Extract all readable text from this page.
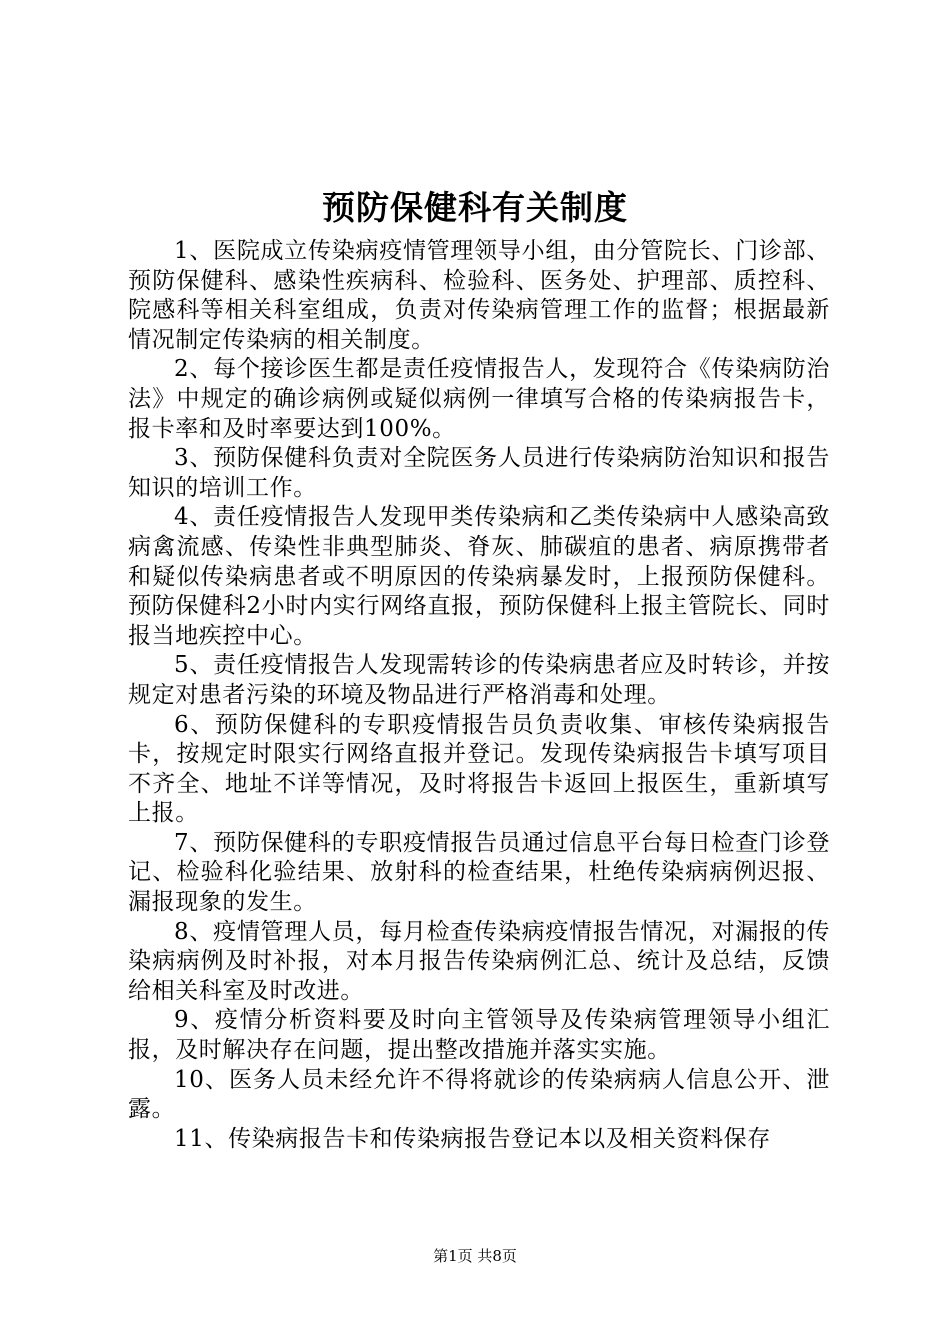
预防保健科有关制度

1、医院成立传染病疫情管理领导小组，由分管院长、门诊部、预防保健科、感染性疾病科、检验科、医务处、护理部、质控科、院感科等相关科室组成，负责对传染病管理工作的监督；根据最新情况制定传染病的相关制度。

2、每个接诊医生都是责任疫情报告人，发现符合《传染病防治法》中规定的确诊病例或疑似病例一律填写合格的传染病报告卡，报卡率和及时率要达到100%。

3、预防保健科负责对全院医务人员进行传染病防治知识和报告知识的培训工作。

4、责任疫情报告人发现甲类传染病和乙类传染病中人感染高致病禽流感、传染性非典型肺炎、脊灰、肺碳疽的患者、病原携带者和疑似传染病患者或不明原因的传染病暴发时，上报预防保健科。预防保健科2小时内实行网络直报，预防保健科上报主管院长、同时报当地疾控中心。

5、责任疫情报告人发现需转诊的传染病患者应及时转诊，并按规定对患者污染的环境及物品进行严格消毒和处理。

6、预防保健科的专职疫情报告员负责收集、审核传染病报告卡，按规定时限实行网络直报并登记。发现传染病报告卡填写项目不齐全、地址不详等情况，及时将报告卡返回上报医生，重新填写上报。

7、预防保健科的专职疫情报告员通过信息平台每日检查门诊登记、检验科化验结果、放射科的检查结果，杜绝传染病病例迟报、漏报现象的发生。

8、疫情管理人员，每月检查传染病疫情报告情况，对漏报的传染病病例及时补报，对本月报告传染病例汇总、统计及总结，反馈给相关科室及时改进。

9、疫情分析资料要及时向主管领导及传染病管理领导小组汇报，及时解决存在问题，提出整改措施并落实实施。

10、医务人员未经允许不得将就诊的传染病病人信息公开、泄露。

11、传染病报告卡和传染病报告登记本以及相关资料保存

第1页 共8页
